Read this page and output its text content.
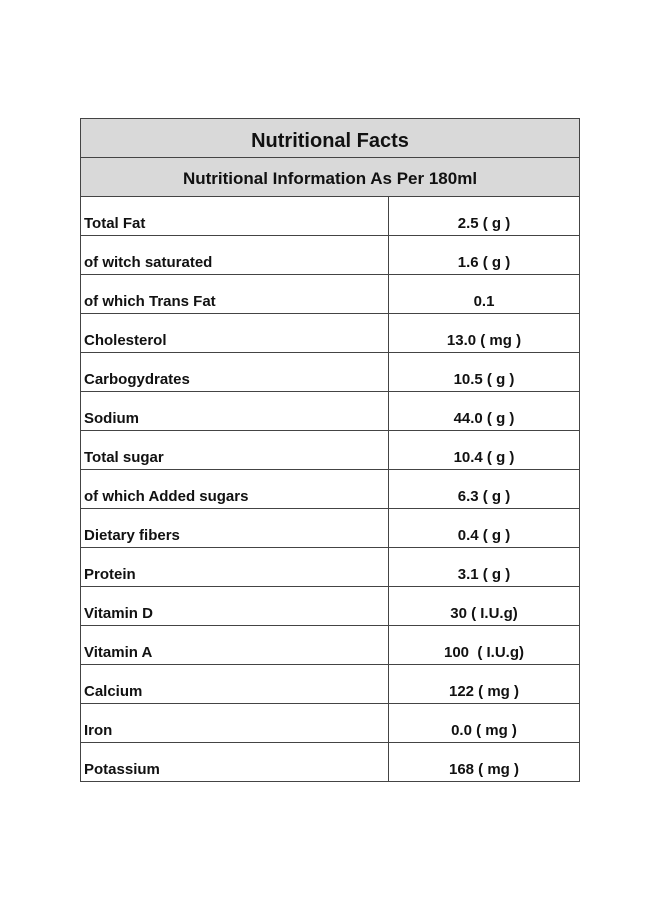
Nutritional Facts
Nutritional Information As Per 180ml
Total Fat	2.5 ( g )
of witch saturated	1.6 ( g )
of which Trans Fat	0.1
Cholesterol	13.0 ( mg )
Carbogydrates	10.5 ( g )
Sodium	44.0 ( g )
Total sugar	10.4 ( g )
of which Added sugars	6.3 ( g )
Dietary fibers	0.4 ( g )
Protein	3.1 ( g )
Vitamin D	30 ( I.U.g)
Vitamin A	100  ( I.U.g)
Calcium	122 ( mg )
Iron	0.0 ( mg )
Potassium	168 ( mg )
